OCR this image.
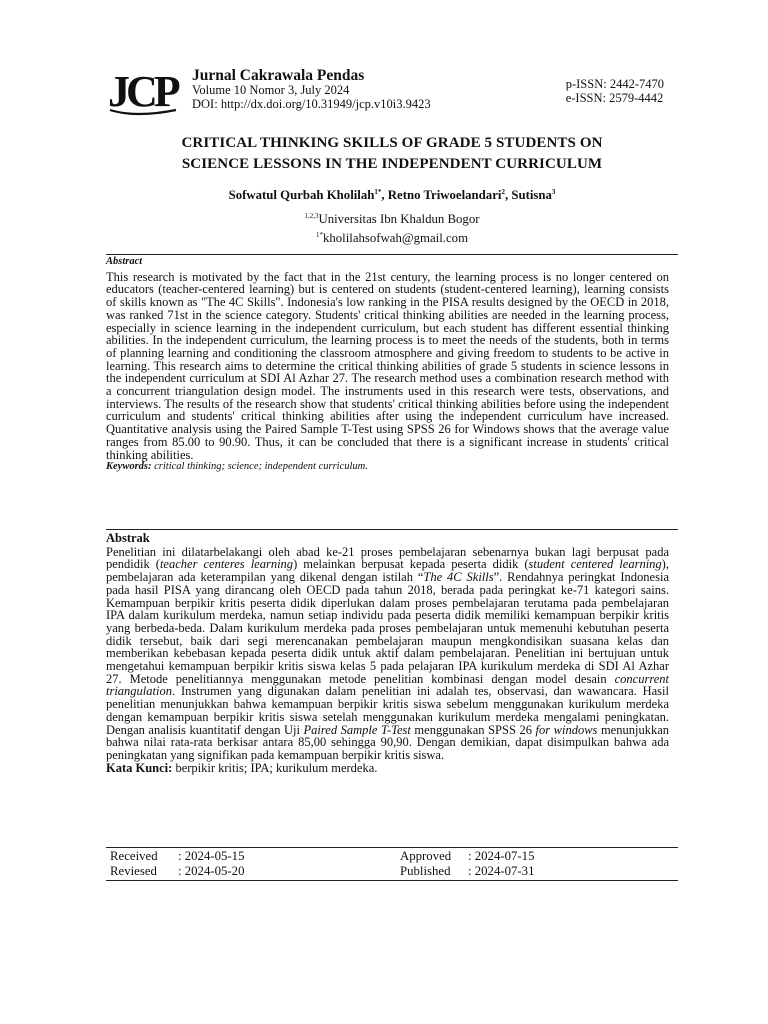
JCP Jurnal Cakrawala Pendas
Volume 10 Nomor 3, July 2024
DOI: http://dx.doi.org/10.31949/jcp.v10i3.9423
p-ISSN: 2442-7470
e-ISSN: 2579-4442
CRITICAL THINKING SKILLS OF GRADE 5 STUDENTS ON
SCIENCE LESSONS IN THE INDEPENDENT CURRICULUM
Sofwatul Qurbah Kholilah$^{1*}$, Retno Triwoelandari$^2$, Sutisna$^3$
$^{1,2,3}$Universitas Ibn Khaldun Bogor
$^{1*}$kholilahsofwah@gmail.com
Abstract
This research is motivated by the fact that in the 21st century, the learning process is no longer centered on educators (teacher-centered learning) but is centered on students (student-centered learning), learning consists of skills known as "The 4C Skills". Indonesia's low ranking in the PISA results designed by the OECD in 2018, was ranked 71st in the science category. Students' critical thinking abilities are needed in the learning process, especially in science learning in the independent curriculum, but each student has different essential thinking abilities. In the independent curriculum, the learning process is to meet the needs of the students, both in terms of planning learning and conditioning the classroom atmosphere and giving freedom to students to be active in learning. This research aims to determine the critical thinking abilities of grade 5 students in science lessons in the independent curriculum at SDI Al Azhar 27. The research method uses a combination research method with a concurrent triangulation design model. The instruments used in this research were tests, observations, and interviews. The results of the research show that students' critical thinking abilities before using the independent curriculum and students' critical thinking abilities after using the independent curriculum have increased. Quantitative analysis using the Paired Sample T-Test using SPSS 26 for Windows shows that the average value ranges from 85.00 to 90.90. Thus, it can be concluded that there is a significant increase in students' critical thinking abilities.
Keywords: critical thinking; science; independent curriculum.
Abstrak
Penelitian ini dilatarbelakangi oleh abad ke-21 proses pembelajaran sebenarnya bukan lagi berpusat pada pendidik (teacher centeres learning) melainkan berpusat kepada peserta didik (student centered learning), pembelajaran ada keterampilan yang dikenal dengan istilah “The 4C Skills”. Rendahnya peringkat Indonesia pada hasil PISA yang dirancang oleh OECD pada tahun 2018, berada pada peringkat ke-71 kategori sains. Kemampuan berpikir kritis peserta didik diperlukan dalam proses pembelajaran terutama pada pembelajaran IPA dalam kurikulum merdeka, namun setiap individu pada peserta didik memiliki kemampuan berpikir kritis yang berbeda-beda. Dalam kurikulum merdeka pada proses pembelajaran untuk memenuhi kebutuhan peserta didik tersebut, baik dari segi merencanakan pembelajaran maupun mengkondisikan suasana kelas dan memberikan kebebasan kepada peserta didik untuk aktif dalam pembelajaran. Penelitian ini bertujuan untuk mengetahui kemampuan berpikir kritis siswa kelas 5 pada pelajaran IPA kurikulum merdeka di SDI Al Azhar 27. Metode penelitiannya menggunakan metode penelitian kombinasi dengan model desain concurrent triangulation. Instrumen yang digunakan dalam penelitian ini adalah tes, observasi, dan wawancara. Hasil penelitian menunjukkan bahwa kemampuan berpikir kritis siswa sebelum menggunakan kurikulum merdeka dengan kemampuan berpikir kritis siswa setelah menggunakan kurikulum merdeka mengalami peningkatan. Dengan analisis kuantitatif dengan Uji Paired Sample T-Test menggunakan SPSS 26 for windows menunjukkan bahwa nilai rata-rata berkisar antara 85,00 sehingga 90,90. Dengan demikian, dapat disimpulkan bahwa ada peningkatan yang signifikan pada kemampuan berpikir kritis siswa.
Kata Kunci: berpikir kritis; IPA; kurikulum merdeka.
Received : 2024-05-15	Approved : 2024-07-15
Reviesed : 2024-05-20	Published : 2024-07-31
